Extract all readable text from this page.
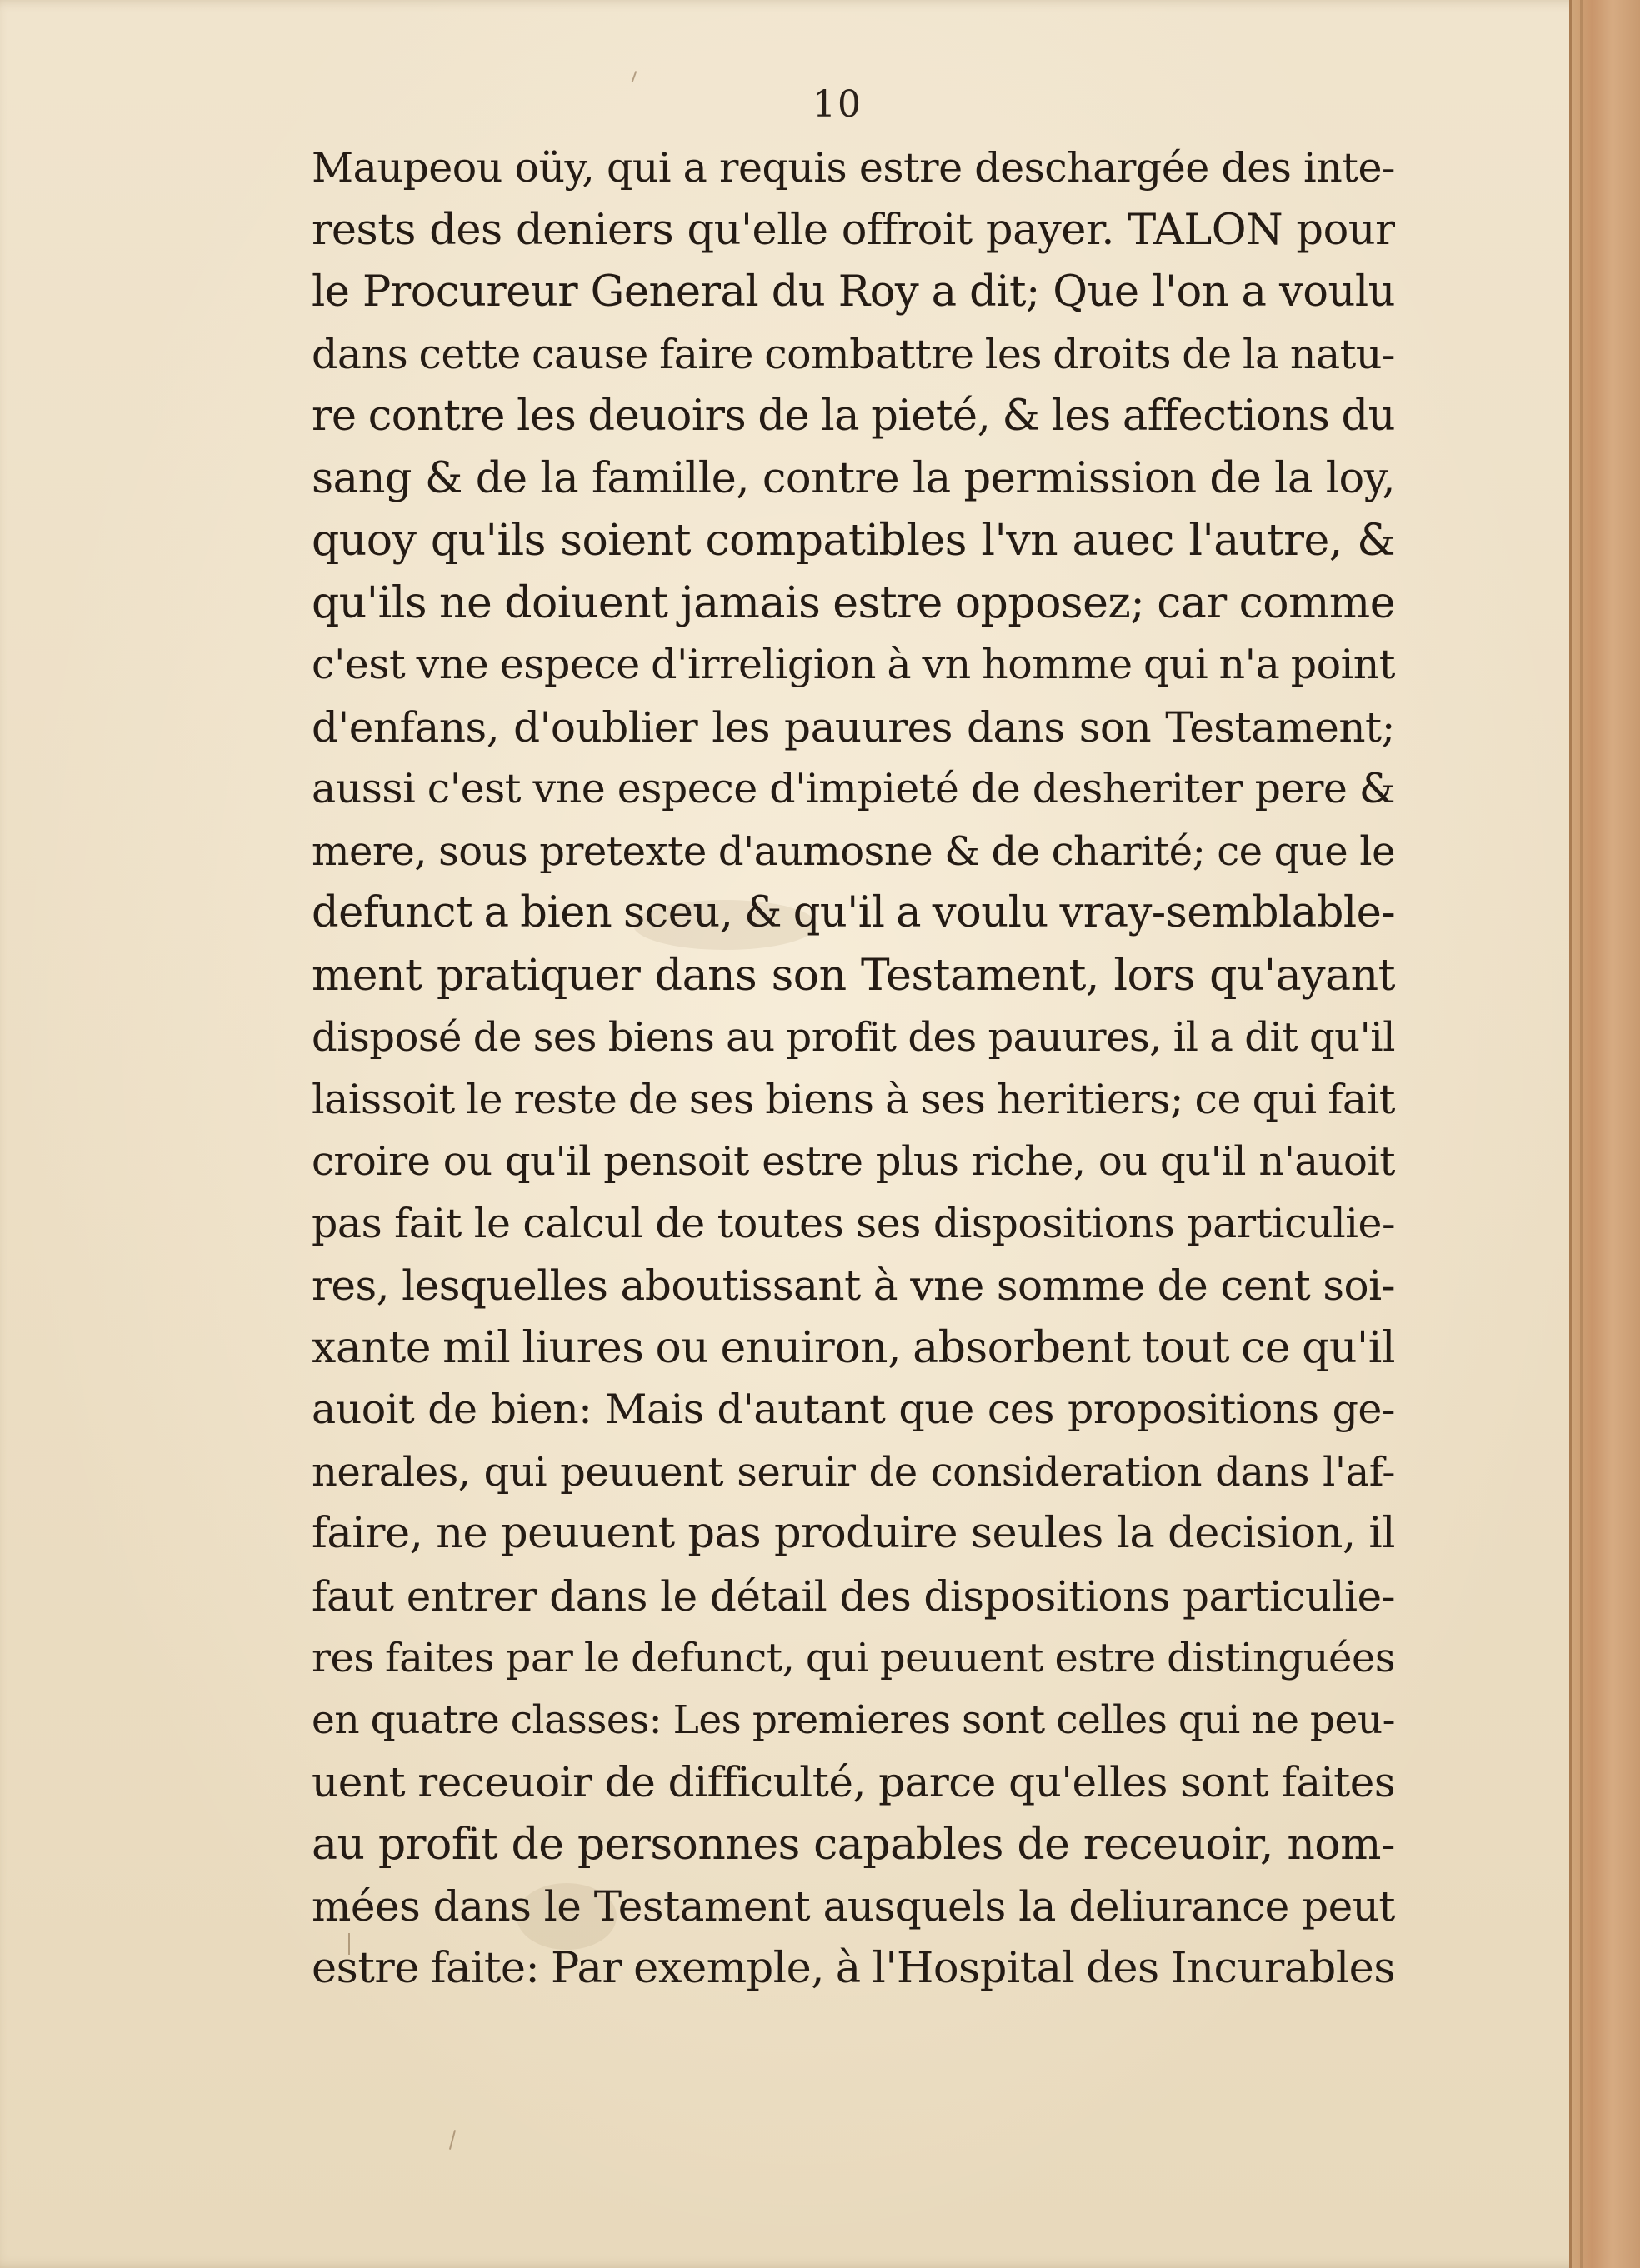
10
Maupeou oüy, qui a requis estre deschargée des inte-
rests des deniers qu'elle offroit payer. TALON pour
le Procureur General du Roy a dit; Que l'on a voulu
dans cette cause faire combattre les droits de la natu-
re contre les deuoirs de la pieté, & les affections du
sang & de la famille, contre la permission de la loy,
quoy qu'ils soient compatibles l'vn auec l'autre, &
qu'ils ne doiuent jamais estre opposez; car comme
c'est vne espece d'irreligion à vn homme qui n'a point
d'enfans, d'oublier les pauures dans son Testament;
aussi c'est vne espece d'impieté de desheriter pere &
mere, sous pretexte d'aumosne & de charité; ce que le
defunct a bien sceu, & qu'il a voulu vray-semblable-
ment pratiquer dans son Testament, lors qu'ayant
disposé de ses biens au profit des pauures, il a dit qu'il
laissoit le reste de ses biens à ses heritiers; ce qui fait
croire ou qu'il pensoit estre plus riche, ou qu'il n'auoit
pas fait le calcul de toutes ses dispositions particulie-
res, lesquelles aboutissant à vne somme de cent soi-
xante mil liures ou enuiron, absorbent tout ce qu'il
auoit de bien: Mais d'autant que ces propositions ge-
nerales, qui peuuent seruir de consideration dans l'af-
faire, ne peuuent pas produire seules la decision, il
faut entrer dans le détail des dispositions particulie-
res faites par le defunct, qui peuuent estre distinguées
en quatre classes: Les premieres sont celles qui ne peu-
uent receuoir de difficulté, parce qu'elles sont faites
au profit de personnes capables de receuoir, nom-
mées dans le Testament ausquels la deliurance peut
estre faite: Par exemple, à l'Hospital des Incurables
